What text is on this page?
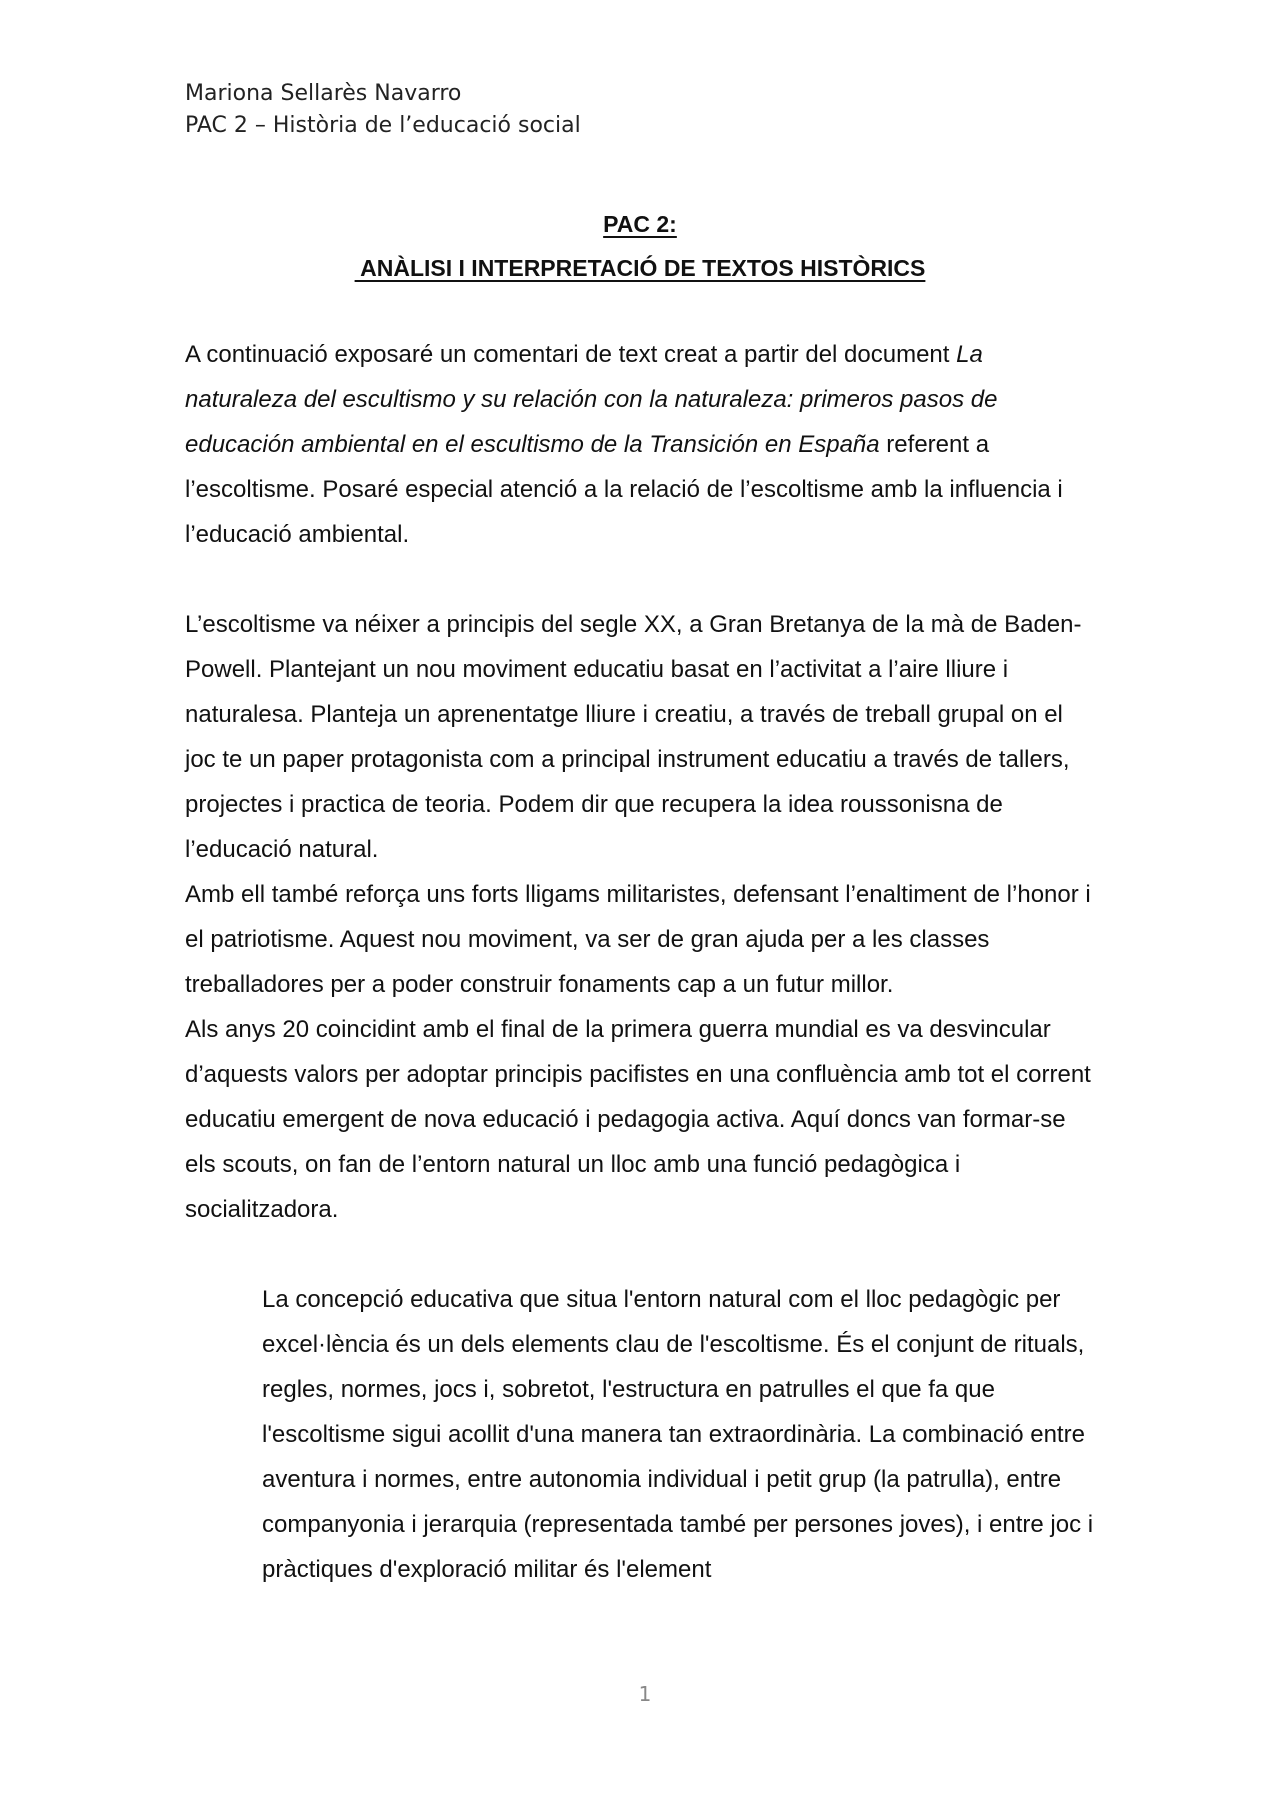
Mariona Sellarès Navarro
PAC 2 – Història de l’educació social
PAC 2:
ANÀLISI I INTERPRETACIÓ DE TEXTOS HISTÒRICS

A continuació exposaré un comentari de text creat a partir del document La naturaleza del escultismo y su relación con la naturaleza: primeros pasos de educación ambiental en el escultismo de la Transición en España referent a l’escoltisme. Posaré especial atenció a la relació de l’escoltisme amb la influencia i l’educació ambiental.

L’escoltisme va néixer a principis del segle XX, a Gran Bretanya de la mà de Baden-Powell. Plantejant un nou moviment educatiu basat en l’activitat a l’aire lliure i naturalesa. Planteja un aprenentatge lliure i creatiu, a través de treball grupal on el joc te un paper protagonista com a principal instrument educatiu a través de tallers, projectes i practica de teoria. Podem dir que recupera la idea roussonisna de l’educació natural.

Amb ell també reforça uns forts lligams militaristes, defensant l’enaltiment de l’honor i el patriotisme. Aquest nou moviment, va ser de gran ajuda per a les classes treballadores per a poder construir fonaments cap a un futur millor.

Als anys 20 coincidint amb el final de la primera guerra mundial es va desvincular d’aquests valors per adoptar principis pacifistes en una confluència amb tot el corrent educatiu emergent de nova educació i pedagogia activa. Aquí doncs van formar-se els scouts, on fan de l’entorn natural un lloc amb una funció pedagògica i socialitzadora.

La concepció educativa que situa l'entorn natural com el lloc pedagògic per excel·lència és un dels elements clau de l'escoltisme. És el conjunt de rituals, regles, normes, jocs i, sobretot, l'estructura en patrulles el que fa que l'escoltisme sigui acollit d'una manera tan extraordinària. La combinació entre aventura i normes, entre autonomia individual i petit grup (la patrulla), entre companyonia i jerarquia (representada també per persones joves), i entre joc i pràctiques d'exploració militar és l'element

1
